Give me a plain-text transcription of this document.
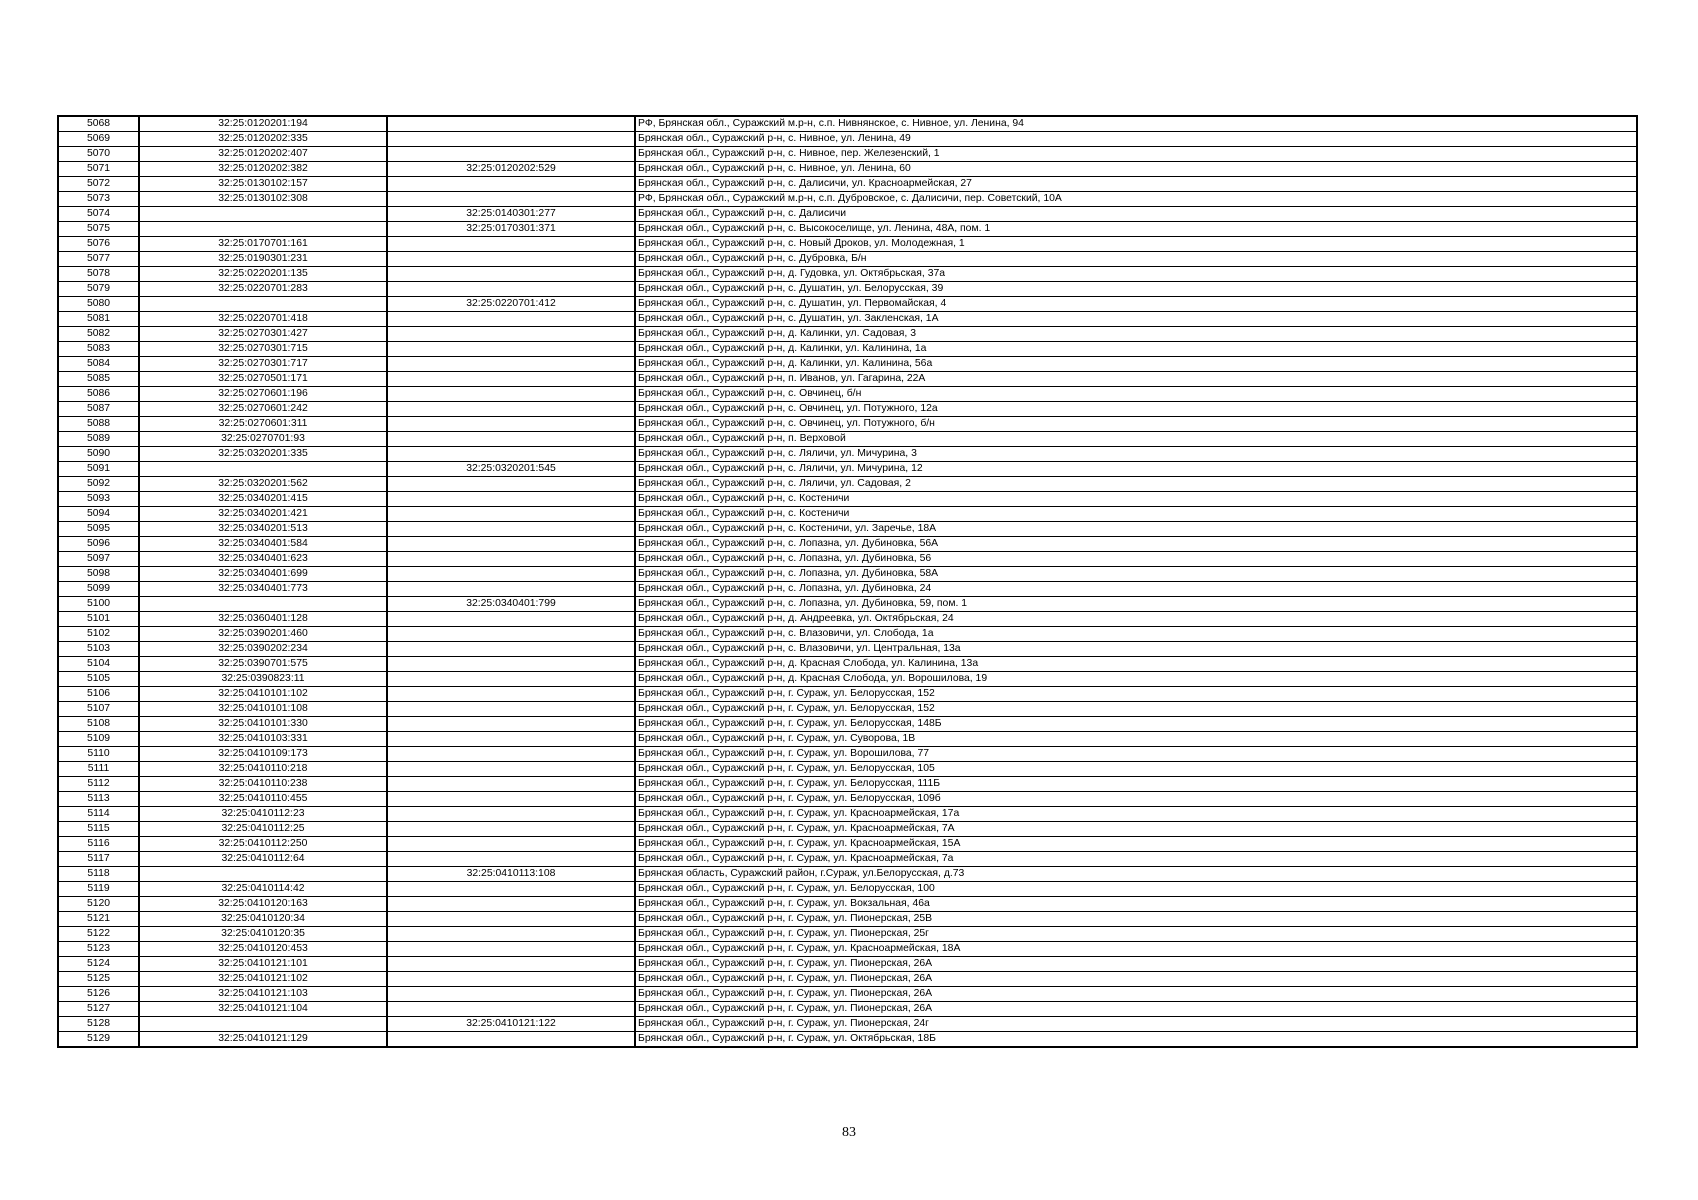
5068	32:25:0120201:194		РФ, Брянская обл., Суражский м.р-н, с.п. Нивнянское, с. Нивное, ул. Ленина, 94
5069	32:25:0120202:335		Брянская обл., Суражский р-н, с. Нивное, ул. Ленина, 49
5070	32:25:0120202:407		Брянская обл., Суражский р-н, с. Нивное, пер. Железенский, 1
5071	32:25:0120202:382	32:25:0120202:529	Брянская обл., Суражский р-н, с. Нивное, ул. Ленина, 60
5072	32:25:0130102:157		Брянская обл., Суражский р-н, с. Далисичи, ул. Красноармейская, 27
5073	32:25:0130102:308		РФ, Брянская обл., Суражский м.р-н, с.п. Дубровское, с. Далисичи, пер. Советский, 10А
5074		32:25:0140301:277	Брянская обл., Суражский р-н, с. Далисичи
5075		32:25:0170301:371	Брянская обл., Суражский р-н, с. Высокоселище, ул. Ленина, 48А, пом. 1
5076	32:25:0170701:161		Брянская обл., Суражский р-н, с. Новый Дроков, ул. Молодежная, 1
5077	32:25:0190301:231		Брянская обл., Суражский р-н, с. Дубровка, Б/н
5078	32:25:0220201:135		Брянская обл., Суражский р-н, д. Гудовка, ул. Октябрьская, 37а
5079	32:25:0220701:283		Брянская обл., Суражский р-н, с. Душатин, ул. Белорусская, 39
5080		32:25:0220701:412	Брянская обл., Суражский р-н, с. Душатин, ул. Первомайская, 4
5081	32:25:0220701:418		Брянская обл., Суражский р-н, с. Душатин, ул. Закленская, 1А
5082	32:25:0270301:427		Брянская обл., Суражский р-н, д. Калинки, ул. Садовая, 3
5083	32:25:0270301:715		Брянская обл., Суражский р-н, д. Калинки, ул. Калинина, 1а
5084	32:25:0270301:717		Брянская обл., Суражский р-н, д. Калинки, ул. Калинина, 56а
5085	32:25:0270501:171		Брянская обл., Суражский р-н, п. Иванов, ул. Гагарина, 22А
5086	32:25:0270601:196		Брянская обл., Суражский р-н, с. Овчинец, б/н
5087	32:25:0270601:242		Брянская обл., Суражский р-н, с. Овчинец, ул. Потужного, 12а
5088	32:25:0270601:311		Брянская обл., Суражский р-н, с. Овчинец, ул. Потужного, б/н
5089	32:25:0270701:93		Брянская обл., Суражский р-н, п. Верховой
5090	32:25:0320201:335		Брянская обл., Суражский р-н, с. Ляличи, ул. Мичурина, 3
5091		32:25:0320201:545	Брянская обл., Суражский р-н, с. Ляличи, ул. Мичурина, 12
5092	32:25:0320201:562		Брянская обл., Суражский р-н, с. Ляличи, ул. Садовая, 2
5093	32:25:0340201:415		Брянская обл., Суражский р-н, с. Костеничи
5094	32:25:0340201:421		Брянская обл., Суражский р-н, с. Костеничи
5095	32:25:0340201:513		Брянская обл., Суражский р-н, с. Костеничи, ул. Заречье, 18А
5096	32:25:0340401:584		Брянская обл., Суражский р-н, с. Лопазна, ул. Дубиновка, 56А
5097	32:25:0340401:623		Брянская обл., Суражский р-н, с. Лопазна, ул. Дубиновка, 56
5098	32:25:0340401:699		Брянская обл., Суражский р-н, с. Лопазна, ул. Дубиновка, 58А
5099	32:25:0340401:773		Брянская обл., Суражский р-н, с. Лопазна, ул. Дубиновка, 24
5100		32:25:0340401:799	Брянская обл., Суражский р-н, с. Лопазна, ул. Дубиновка, 59, пом. 1
5101	32:25:0360401:128		Брянская обл., Суражский р-н, д. Андреевка, ул. Октябрьская, 24
5102	32:25:0390201:460		Брянская обл., Суражский р-н, с. Влазовичи, ул. Слобода, 1а
5103	32:25:0390202:234		Брянская обл., Суражский р-н, с. Влазовичи, ул. Центральная, 13а
5104	32:25:0390701:575		Брянская обл., Суражский р-н, д. Красная Слобода, ул. Калинина, 13а
5105	32:25:0390823:11		Брянская обл., Суражский р-н, д. Красная Слобода, ул. Ворошилова, 19
5106	32:25:0410101:102		Брянская обл., Суражский р-н, г. Сураж, ул. Белорусская, 152
5107	32:25:0410101:108		Брянская обл., Суражский р-н, г. Сураж, ул. Белорусская, 152
5108	32:25:0410101:330		Брянская обл., Суражский р-н, г. Сураж, ул. Белорусская, 148Б
5109	32:25:0410103:331		Брянская обл., Суражский р-н, г. Сураж, ул. Суворова, 1В
5110	32:25:0410109:173		Брянская обл., Суражский р-н, г. Сураж, ул. Ворошилова, 77
5111	32:25:0410110:218		Брянская обл., Суражский р-н, г. Сураж, ул. Белорусская, 105
5112	32:25:0410110:238		Брянская обл., Суражский р-н, г. Сураж, ул. Белорусская, 111Б
5113	32:25:0410110:455		Брянская обл., Суражский р-н, г. Сураж, ул. Белорусская, 109б
5114	32:25:0410112:23		Брянская обл., Суражский р-н, г. Сураж, ул. Красноармейская, 17а
5115	32:25:0410112:25		Брянская обл., Суражский р-н, г. Сураж, ул. Красноармейская, 7А
5116	32:25:0410112:250		Брянская обл., Суражский р-н, г. Сураж, ул. Красноармейская, 15А
5117	32:25:0410112:64		Брянская обл., Суражский р-н, г. Сураж, ул. Красноармейская, 7а
5118		32:25:0410113:108	Брянская область, Суражский район, г.Сураж, ул.Белорусская, д.73
5119	32:25:0410114:42		Брянская обл., Суражский р-н, г. Сураж, ул. Белорусская, 100
5120	32:25:0410120:163		Брянская обл., Суражский р-н, г. Сураж, ул. Вокзальная, 46а
5121	32:25:0410120:34		Брянская обл., Суражский р-н, г. Сураж, ул. Пионерская, 25В
5122	32:25:0410120:35		Брянская обл., Суражский р-н, г. Сураж, ул. Пионерская, 25г
5123	32:25:0410120:453		Брянская обл., Суражский р-н, г. Сураж, ул. Красноармейская, 18А
5124	32:25:0410121:101		Брянская обл., Суражский р-н, г. Сураж, ул. Пионерская, 26А
5125	32:25:0410121:102		Брянская обл., Суражский р-н, г. Сураж, ул. Пионерская, 26А
5126	32:25:0410121:103		Брянская обл., Суражский р-н, г. Сураж, ул. Пионерская, 26А
5127	32:25:0410121:104		Брянская обл., Суражский р-н, г. Сураж, ул. Пионерская, 26А
5128		32:25:0410121:122	Брянская обл., Суражский р-н, г. Сураж, ул. Пионерская, 24г
5129	32:25:0410121:129		Брянская обл., Суражский р-н, г. Сураж, ул. Октябрьская, 18Б
83
